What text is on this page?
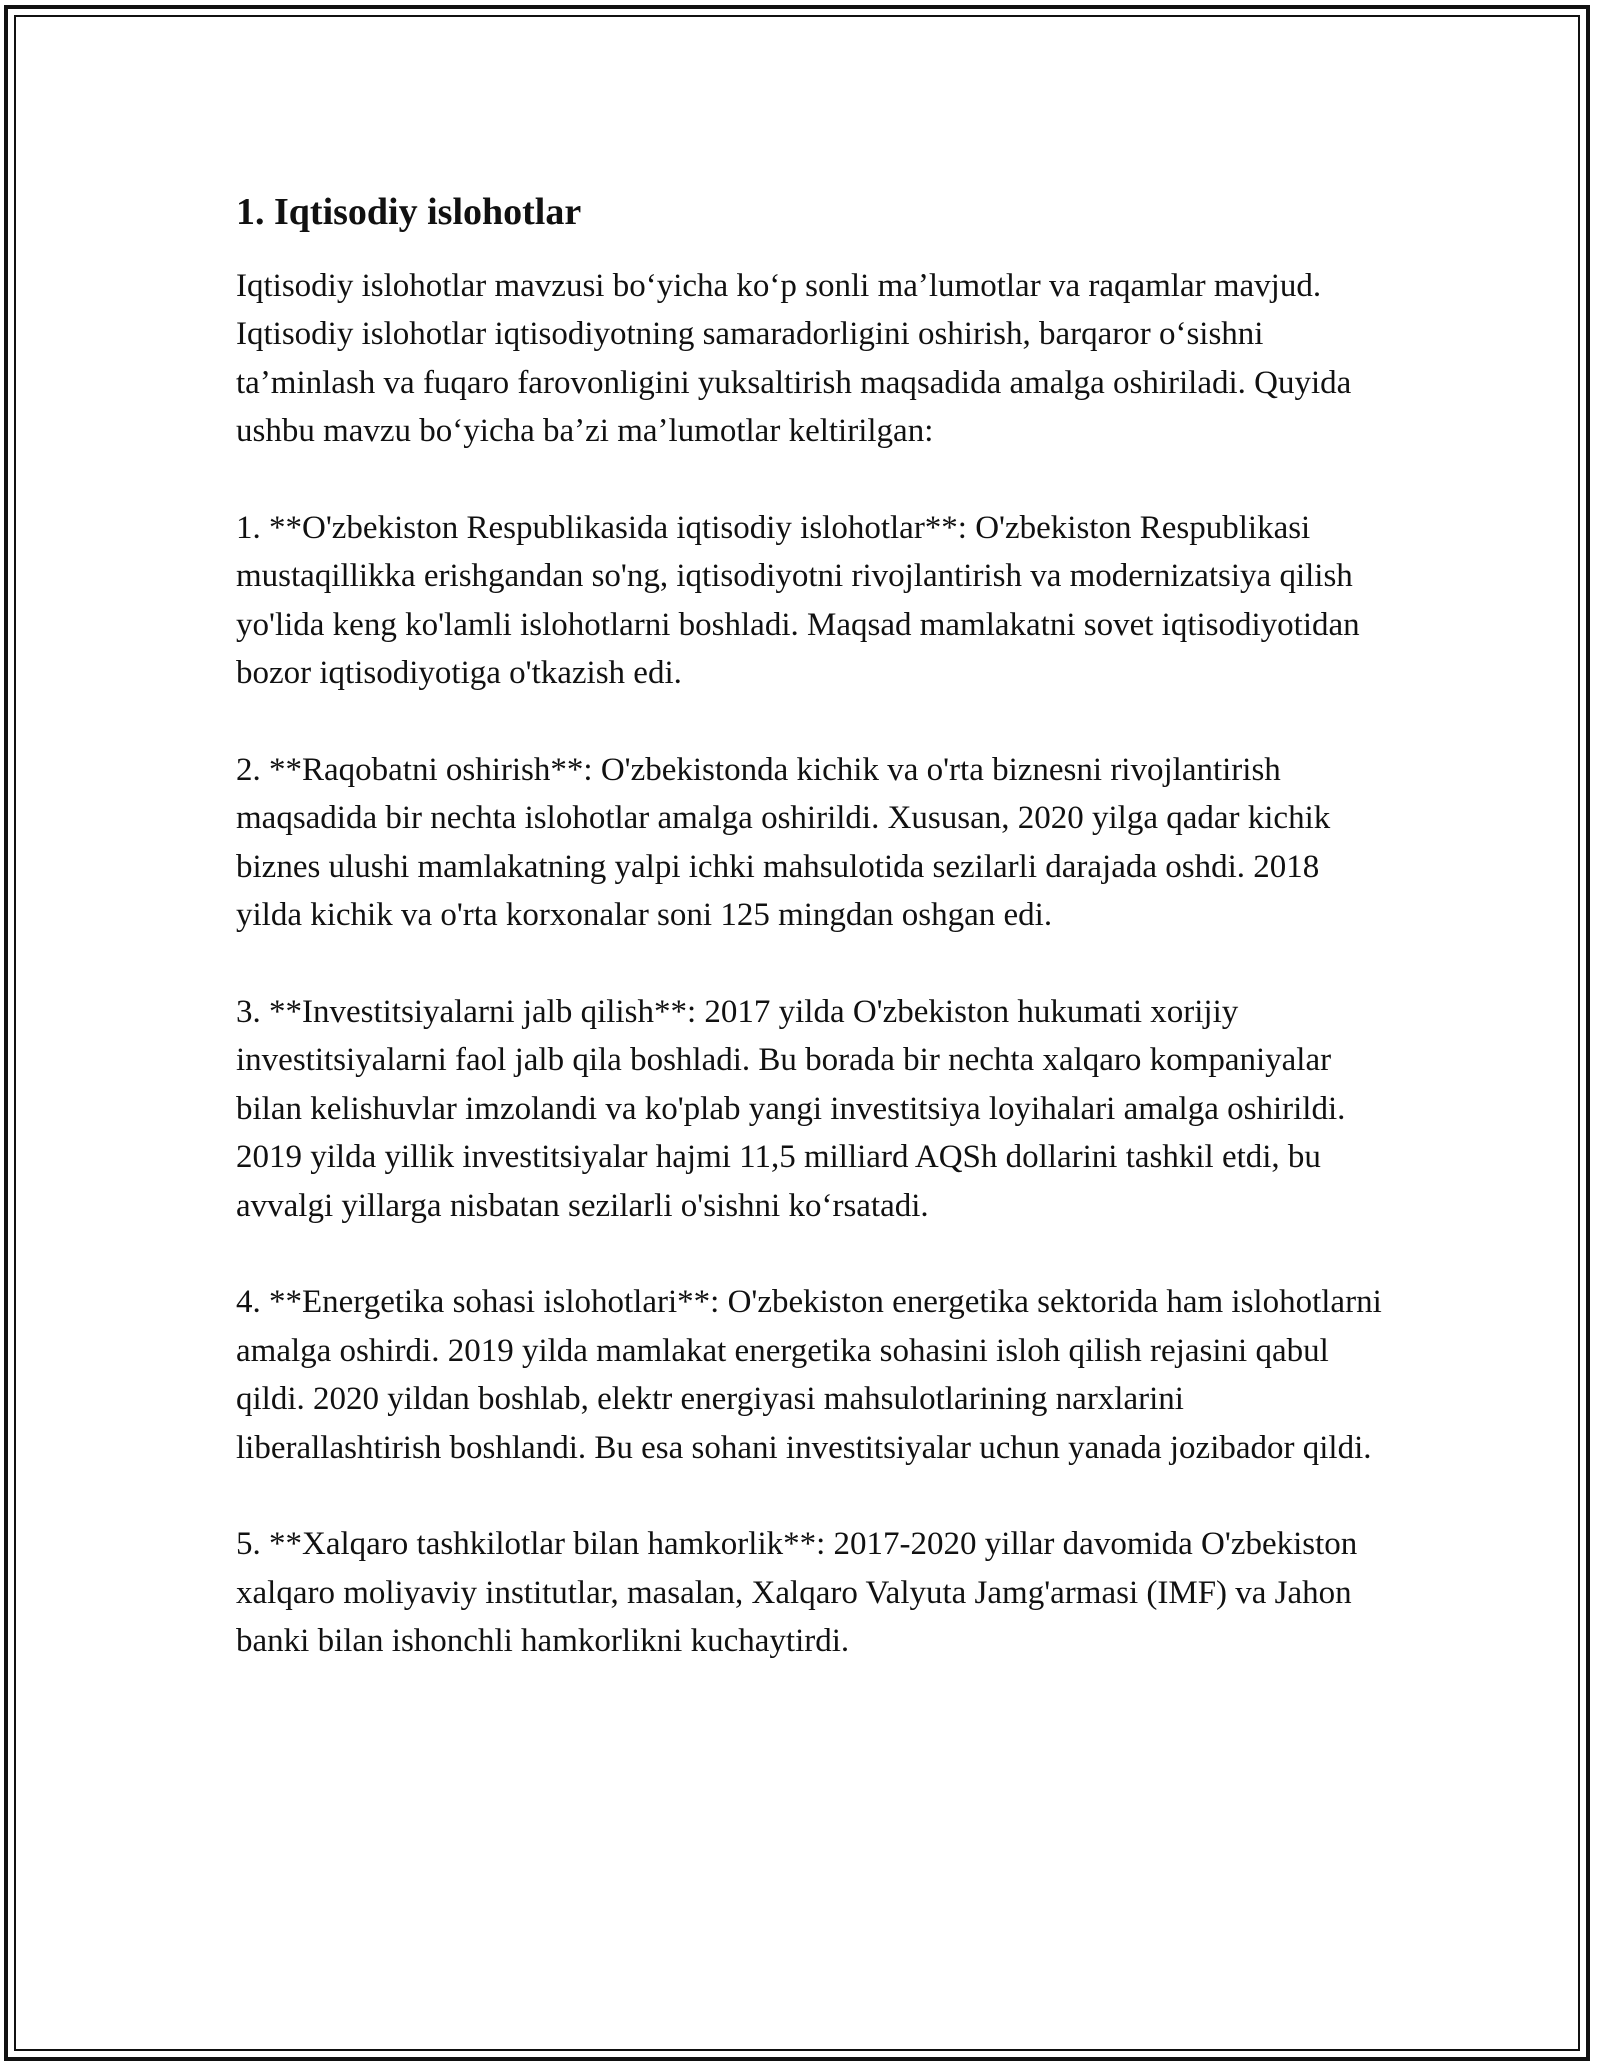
1. Iqtisodiy islohotlar

Iqtisodiy islohotlar mavzusi boʻyicha koʻp sonli maʼlumotlar va raqamlar mavjud. Iqtisodiy islohotlar iqtisodiyotning samaradorligini oshirish, barqaror oʻsishni taʼminlash va fuqaro farovonligini yuksaltirish maqsadida amalga oshiriladi. Quyida ushbu mavzu boʻyicha baʼzi maʼlumotlar keltirilgan:

1. **O'zbekiston Respublikasida iqtisodiy islohotlar**: O'zbekiston Respublikasi mustaqillikka erishgandan so'ng, iqtisodiyotni rivojlantirish va modernizatsiya qilish yo'lida keng ko'lamli islohotlarni boshladi. Maqsad mamlakatni sovet iqtisodiyotidan bozor iqtisodiyotiga o'tkazish edi.

2. **Raqobatni oshirish**: O'zbekistonda kichik va o'rta biznesni rivojlantirish maqsadida bir nechta islohotlar amalga oshirildi. Xususan, 2020 yilga qadar kichik biznes ulushi mamlakatning yalpi ichki mahsulotida sezilarli darajada oshdi. 2018 yilda kichik va o'rta korxonalar soni 125 mingdan oshgan edi.

3. **Investitsiyalarni jalb qilish**: 2017 yilda O'zbekiston hukumati xorijiy investitsiyalarni faol jalb qila boshladi. Bu borada bir nechta xalqaro kompaniyalar bilan kelishuvlar imzolandi va ko'plab yangi investitsiya loyihalari amalga oshirildi. 2019 yilda yillik investitsiyalar hajmi 11,5 milliard AQSh dollarini tashkil etdi, bu avvalgi yillarga nisbatan sezilarli o'sishni koʻrsatadi.

4. **Energetika sohasi islohotlari**: O'zbekiston energetika sektorida ham islohotlarni amalga oshirdi. 2019 yilda mamlakat energetika sohasini isloh qilish rejasini qabul qildi. 2020 yildan boshlab, elektr energiyasi mahsulotlarining narxlarini liberallashtirish boshlandi. Bu esa sohani investitsiyalar uchun yanada jozibador qildi.

5. **Xalqaro tashkilotlar bilan hamkorlik**: 2017-2020 yillar davomida O'zbekiston xalqaro moliyaviy institutlar, masalan, Xalqaro Valyuta Jamg'armasi (IMF) va Jahon banki bilan ishonchli hamkorlikni kuchaytirdi.
